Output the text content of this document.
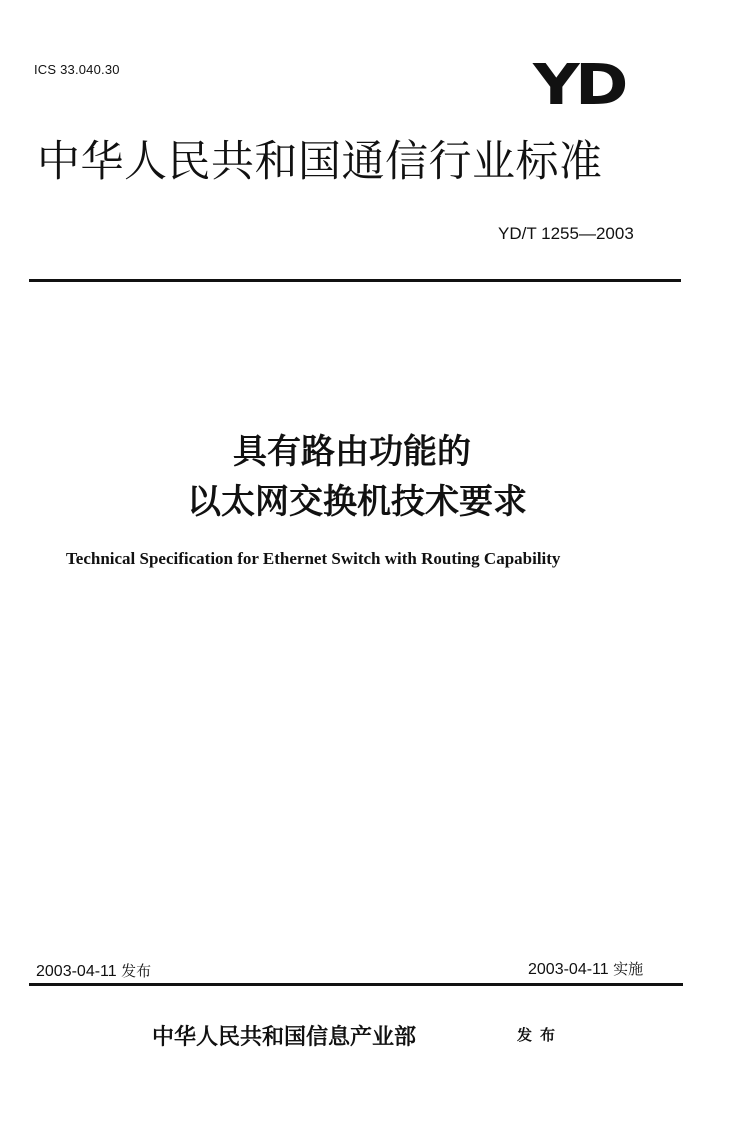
ICS 33.040.30	YD
中华人民共和国通信行业标准
YD/T 1255—2003
具有路由功能的
以太网交换机技术要求
Technical Specification for Ethernet Switch with Routing Capability
2003-04-11 发布	2003-04-11 实施
中华人民共和国信息产业部	发布
